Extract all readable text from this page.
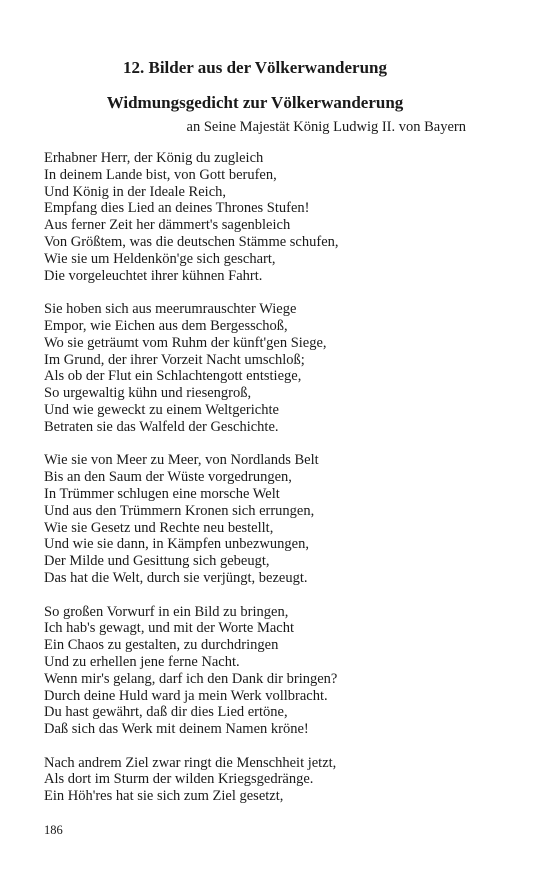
12. Bilder aus der Völkerwanderung
Widmungsgedicht zur Völkerwanderung
an Seine Majestät König Ludwig II. von Bayern

Erhabner Herr, der König du zugleich
In deinem Lande bist, von Gott berufen,
Und König in der Ideale Reich,
Empfang dies Lied an deines Thrones Stufen!
Aus ferner Zeit her dämmert's sagenbleich
Von Größtem, was die deutschen Stämme schufen,
Wie sie um Heldenkön'ge sich geschart,
Die vorgeleuchtet ihrer kühnen Fahrt.

Sie hoben sich aus meerumrauschter Wiege
Empor, wie Eichen aus dem Bergesschoß,
Wo sie geträumt vom Ruhm der künft'gen Siege,
Im Grund, der ihrer Vorzeit Nacht umschloß;
Als ob der Flut ein Schlachtengott entstiege,
So urgewaltig kühn und riesengroß,
Und wie geweckt zu einem Weltgerichte
Betraten sie das Walfeld der Geschichte.

Wie sie von Meer zu Meer, von Nordlands Belt
Bis an den Saum der Wüste vorgedrungen,
In Trümmer schlugen eine morsche Welt
Und aus den Trümmern Kronen sich errungen,
Wie sie Gesetz und Rechte neu bestellt,
Und wie sie dann, in Kämpfen unbezwungen,
Der Milde und Gesittung sich gebeugt,
Das hat die Welt, durch sie verjüngt, bezeugt.

So großen Vorwurf in ein Bild zu bringen,
Ich hab's gewagt, und mit der Worte Macht
Ein Chaos zu gestalten, zu durchdringen
Und zu erhellen jene ferne Nacht.
Wenn mir's gelang, darf ich den Dank dir bringen?
Durch deine Huld ward ja mein Werk vollbracht.
Du hast gewährt, daß dir dies Lied ertöne,
Daß sich das Werk mit deinem Namen kröne!

Nach andrem Ziel zwar ringt die Menschheit jetzt,
Als dort im Sturm der wilden Kriegsgedränge.
Ein Höh'res hat sie sich zum Ziel gesetzt,

186
